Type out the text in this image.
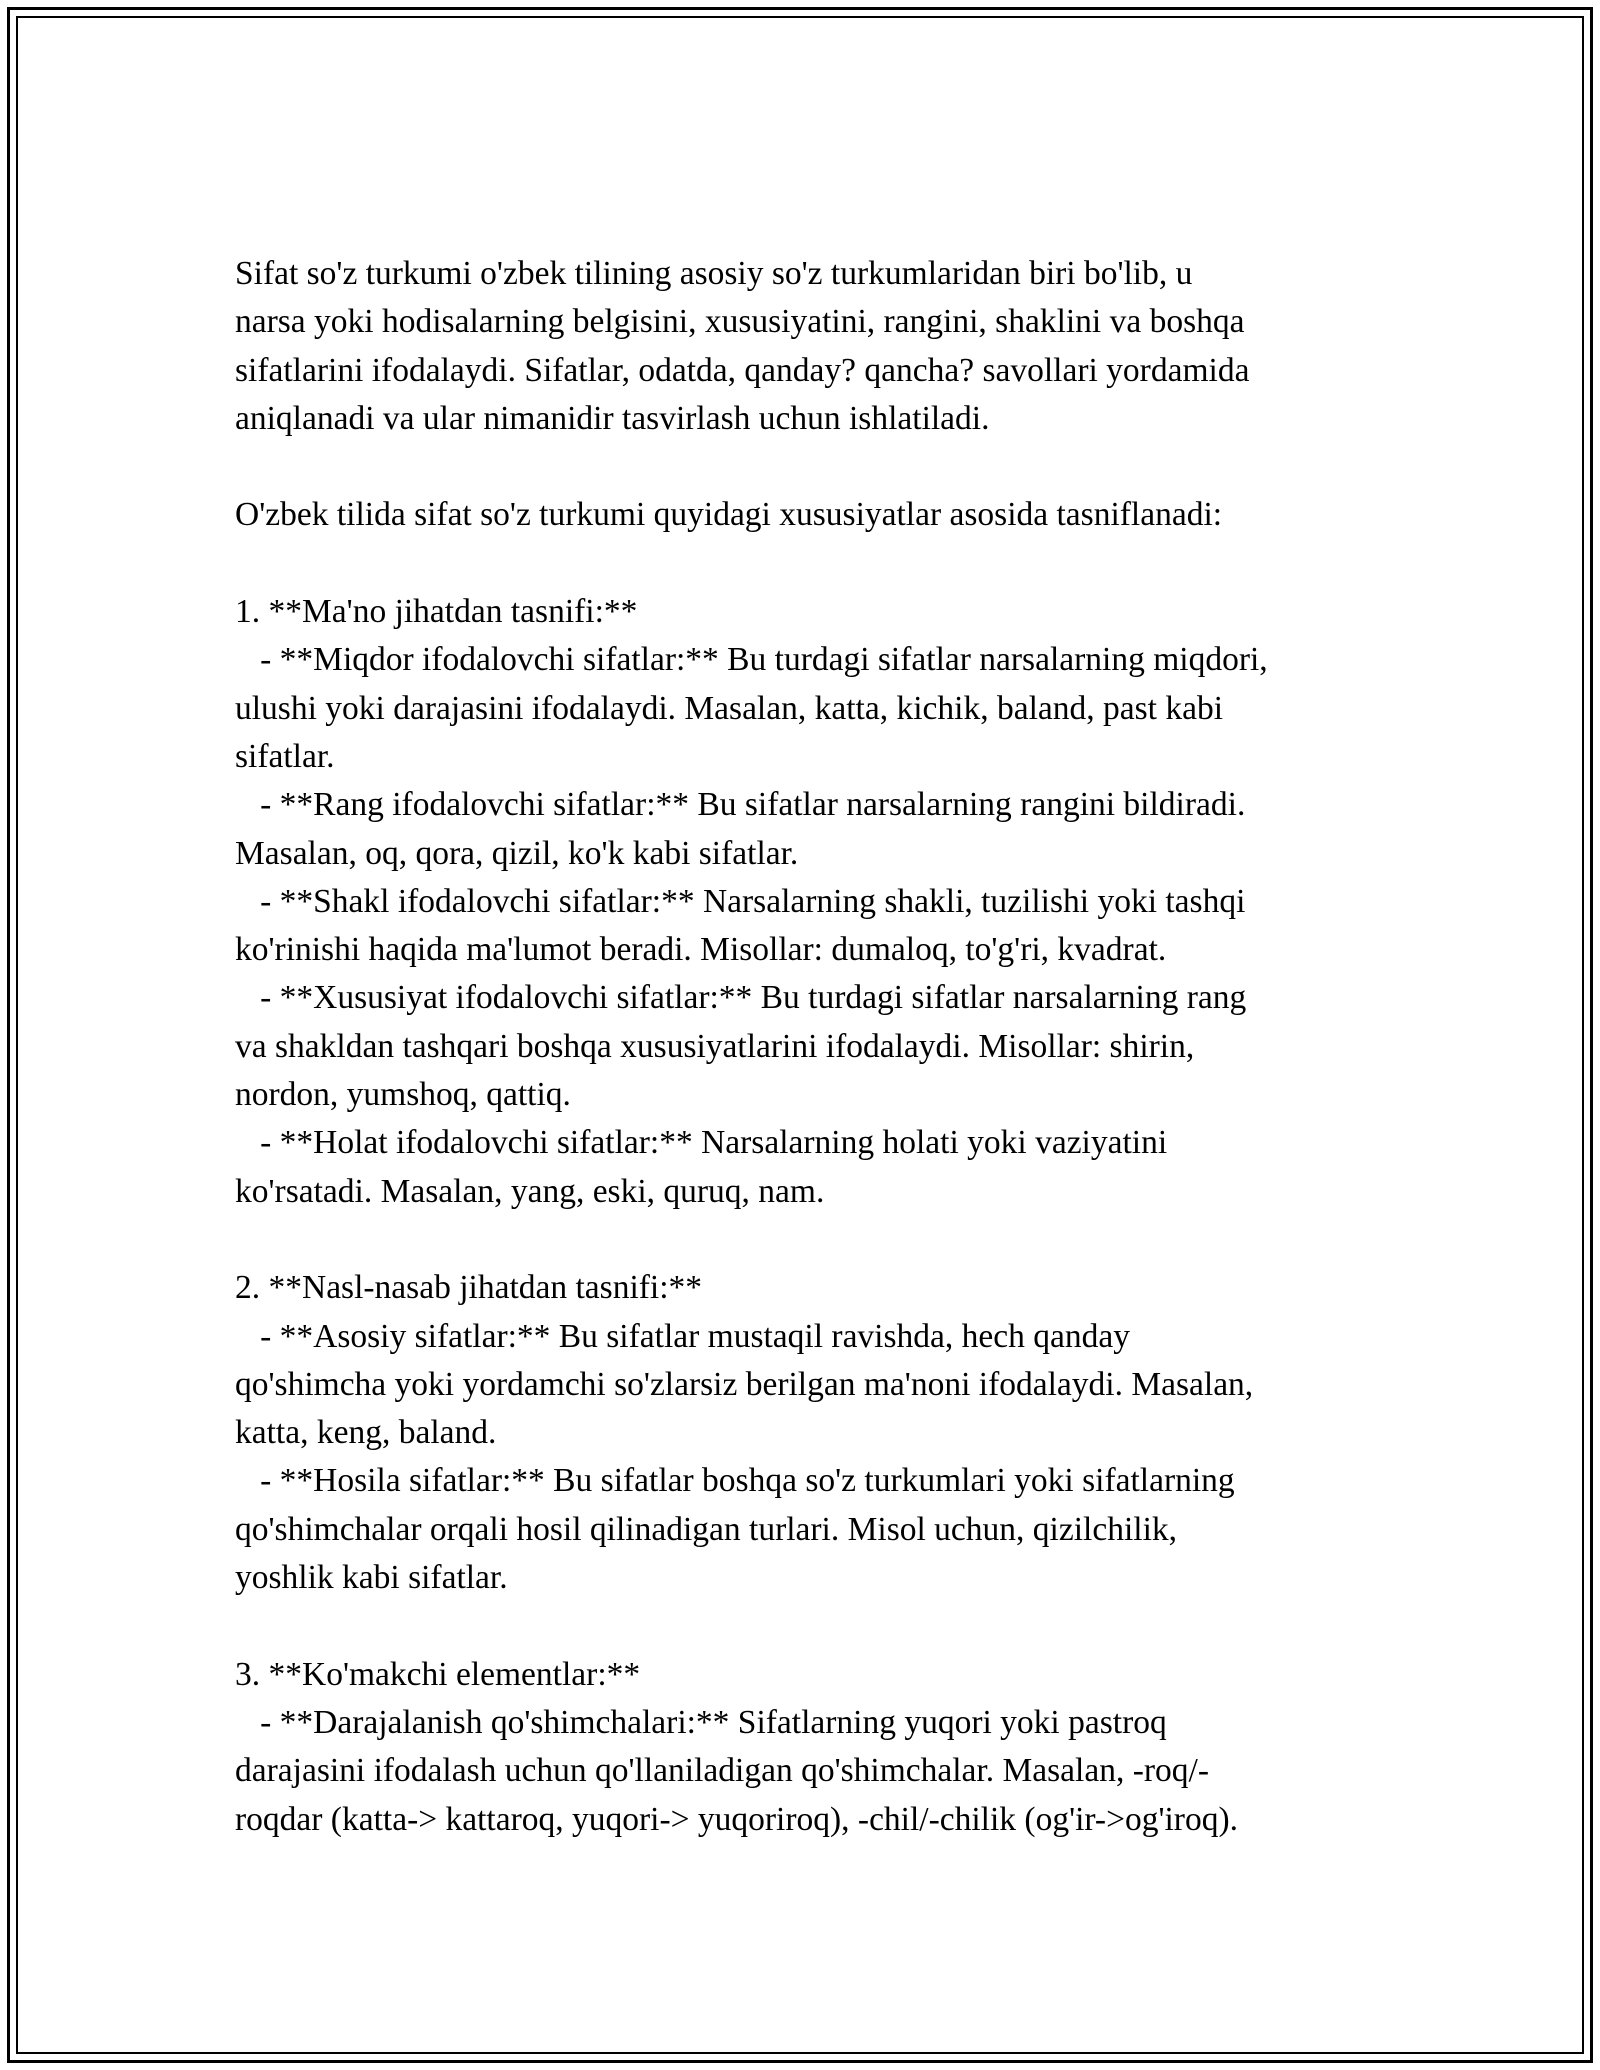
Sifat so'z turkumi o'zbek tilining asosiy so'z turkumlaridan biri bo'lib, u
narsa yoki hodisalarning belgisini, xususiyatini, rangini, shaklini va boshqa
sifatlarini ifodalaydi. Sifatlar, odatda, qanday? qancha? savollari yordamida
aniqlanadi va ular nimanidir tasvirlash uchun ishlatiladi.
O'zbek tilida sifat so'z turkumi quyidagi xususiyatlar asosida tasniflanadi:
1. **Ma'no jihatdan tasnifi:**
- **Miqdor ifodalovchi sifatlar:** Bu turdagi sifatlar narsalarning miqdori,
ulushi yoki darajasini ifodalaydi. Masalan, katta, kichik, baland, past kabi
sifatlar.
- **Rang ifodalovchi sifatlar:** Bu sifatlar narsalarning rangini bildiradi.
Masalan, oq, qora, qizil, ko'k kabi sifatlar.
- **Shakl ifodalovchi sifatlar:** Narsalarning shakli, tuzilishi yoki tashqi
ko'rinishi haqida ma'lumot beradi. Misollar: dumaloq, to'g'ri, kvadrat.
- **Xususiyat ifodalovchi sifatlar:** Bu turdagi sifatlar narsalarning rang
va shakldan tashqari boshqa xususiyatlarini ifodalaydi. Misollar: shirin,
nordon, yumshoq, qattiq.
- **Holat ifodalovchi sifatlar:** Narsalarning holati yoki vaziyatini
ko'rsatadi. Masalan, yang, eski, quruq, nam.
2. **Nasl-nasab jihatdan tasnifi:**
- **Asosiy sifatlar:** Bu sifatlar mustaqil ravishda, hech qanday
qo'shimcha yoki yordamchi so'zlarsiz berilgan ma'noni ifodalaydi. Masalan,
katta, keng, baland.
- **Hosila sifatlar:** Bu sifatlar boshqa so'z turkumlari yoki sifatlarning
qo'shimchalar orqali hosil qilinadigan turlari. Misol uchun, qizilchilik,
yoshlik kabi sifatlar.
3. **Ko'makchi elementlar:**
- **Darajalanish qo'shimchalari:** Sifatlarning yuqori yoki pastroq
darajasini ifodalash uchun qo'llaniladigan qo'shimchalar. Masalan, -roq/-
roqdar (katta-> kattaroq, yuqori-> yuqoriroq), -chil/-chilik (og'ir->og'iroq).
